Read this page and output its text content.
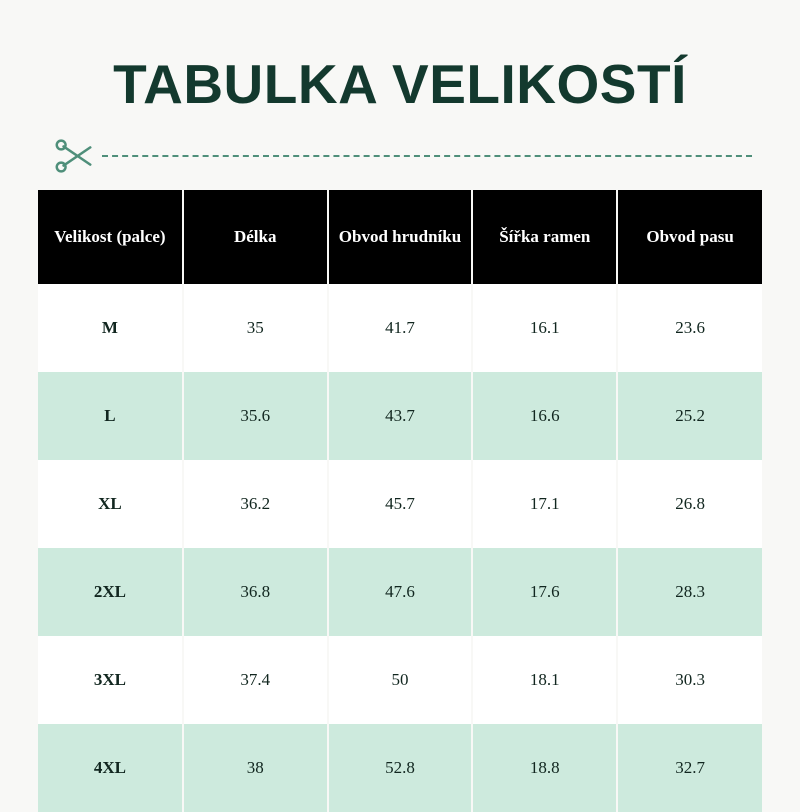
TABULKA VELIKOSTÍ
Velikost (palce)	Délka	Obvod hrudníku	Šířka ramen	Obvod pasu
M	35	41.7	16.1	23.6
L	35.6	43.7	16.6	25.2
XL	36.2	45.7	17.1	26.8
2XL	36.8	47.6	17.6	28.3
3XL	37.4	50	18.1	30.3
4XL	38	52.8	18.8	32.7
